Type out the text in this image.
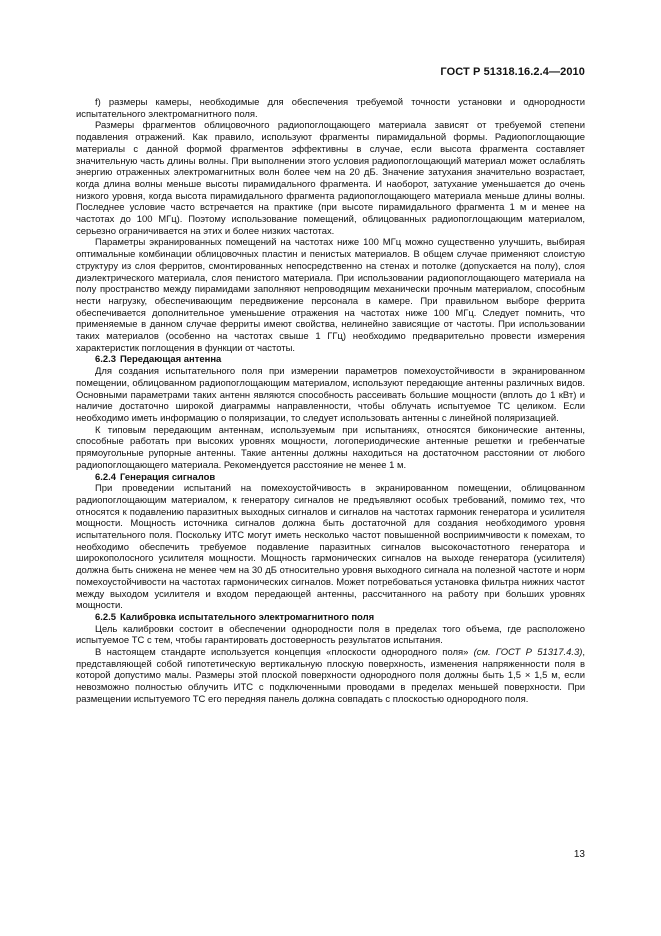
ГОСТ Р 51318.16.2.4—2010

f) размеры камеры, необходимые для обеспечения требуемой точности установки и однородности испытательного электромагнитного поля.

Размеры фрагментов облицовочного радиопоглощающего материала зависят от требуемой степени подавления отражений. Как правило, используют фрагменты пирамидальной формы. Радиопоглощающие материалы с данной формой фрагментов эффективны в случае, если высота фрагмента составляет значительную часть длины волны. При выполнении этого условия радиопоглощающий материал может ослаблять энергию отраженных электромагнитных волн более чем на 20 дБ. Значение затухания значительно возрастает, когда длина волны меньше высоты пирамидального фрагмента. И наоборот, затухание уменьшается до очень низкого уровня, когда высота пирамидального фрагмента радиопоглощающего материала меньше длины волны. Последнее условие часто встречается на практике (при высоте пирамидального фрагмента 1 м и менее на частотах до 100 МГц). Поэтому использование помещений, облицованных радиопоглощающим материалом, серьезно ограничивается на этих и более низких частотах.

Параметры экранированных помещений на частотах ниже 100 МГц можно существенно улучшить, выбирая оптимальные комбинации облицовочных пластин и пенистых материалов. В общем случае применяют слоистую структуру из слоя ферритов, смонтированных непосредственно на стенах и потолке (допускается на полу), слоя диэлектрического материала, слоя пенистого материала. При использовании радиопоглощающего материала на полу пространство между пирамидами заполняют непроводящим механически прочным материалом, способным нести нагрузку, обеспечивающим передвижение персонала в камере. При правильном выборе феррита обеспечивается дополнительное уменьшение отражения на частотах ниже 100 МГц. Следует помнить, что применяемые в данном случае ферриты имеют свойства, нелинейно зависящие от частоты. При использовании таких материалов (особенно на частотах свыше 1 ГГц) необходимо предварительно провести измерения характеристик поглощения в функции от частоты.

6.2.3 Передающая антенна

Для создания испытательного поля при измерении параметров помехоустойчивости в экранированном помещении, облицованном радиопоглощающим материалом, используют передающие антенны различных видов. Основными параметрами таких антенн являются способность рассеивать большие мощности (вплоть до 1 кВт) и наличие достаточно широкой диаграммы направленности, чтобы облучать испытуемое ТС целиком. Если необходимо иметь информацию о поляризации, то следует использовать антенны с линейной поляризацией.

К типовым передающим антеннам, используемым при испытаниях, относятся биконические антенны, способные работать при высоких уровнях мощности, логопериодические антенные решетки и гребенчатые прямоугольные рупорные антенны. Такие антенны должны находиться на достаточном расстоянии от любого радиопоглощающего материала. Рекомендуется расстояние не менее 1 м.

6.2.4 Генерация сигналов

При проведении испытаний на помехоустойчивость в экранированном помещении, облицованном радиопоглощающим материалом, к генератору сигналов не предъявляют особых требований, помимо тех, что относятся к подавлению паразитных выходных сигналов и сигналов на частотах гармоник генератора и усилителя мощности. Мощность источника сигналов должна быть достаточной для создания необходимого уровня испытательного поля. Поскольку ИТС могут иметь несколько частот повышенной восприимчивости к помехам, то необходимо обеспечить требуемое подавление паразитных сигналов высокочастотного генератора и широкополосного усилителя мощности. Мощность гармонических сигналов на выходе генератора (усилителя) должна быть снижена не менее чем на 30 дБ относительно уровня выходного сигнала на полезной частоте и норм помехоустойчивости на частотах гармонических сигналов. Может потребоваться установка фильтра нижних частот между выходом усилителя и входом передающей антенны, рассчитанного на работу при больших уровнях мощности.

6.2.5 Калибровка испытательного электромагнитного поля

Цель калибровки состоит в обеспечении однородности поля в пределах того объема, где расположено испытуемое ТС с тем, чтобы гарантировать достоверность результатов испытания.

В настоящем стандарте используется концепция «плоскости однородного поля» (см. ГОСТ Р 51317.4.3), представляющей собой гипотетическую вертикальную плоскую поверхность, изменения напряженности поля в которой допустимо малы. Размеры этой плоской поверхности однородного поля должны быть 1,5 × 1,5 м, если невозможно полностью облучить ИТС с подключенными проводами в пределах меньшей поверхности. При размещении испытуемого ТС его передняя панель должна совпадать с плоскостью однородного поля.

13
